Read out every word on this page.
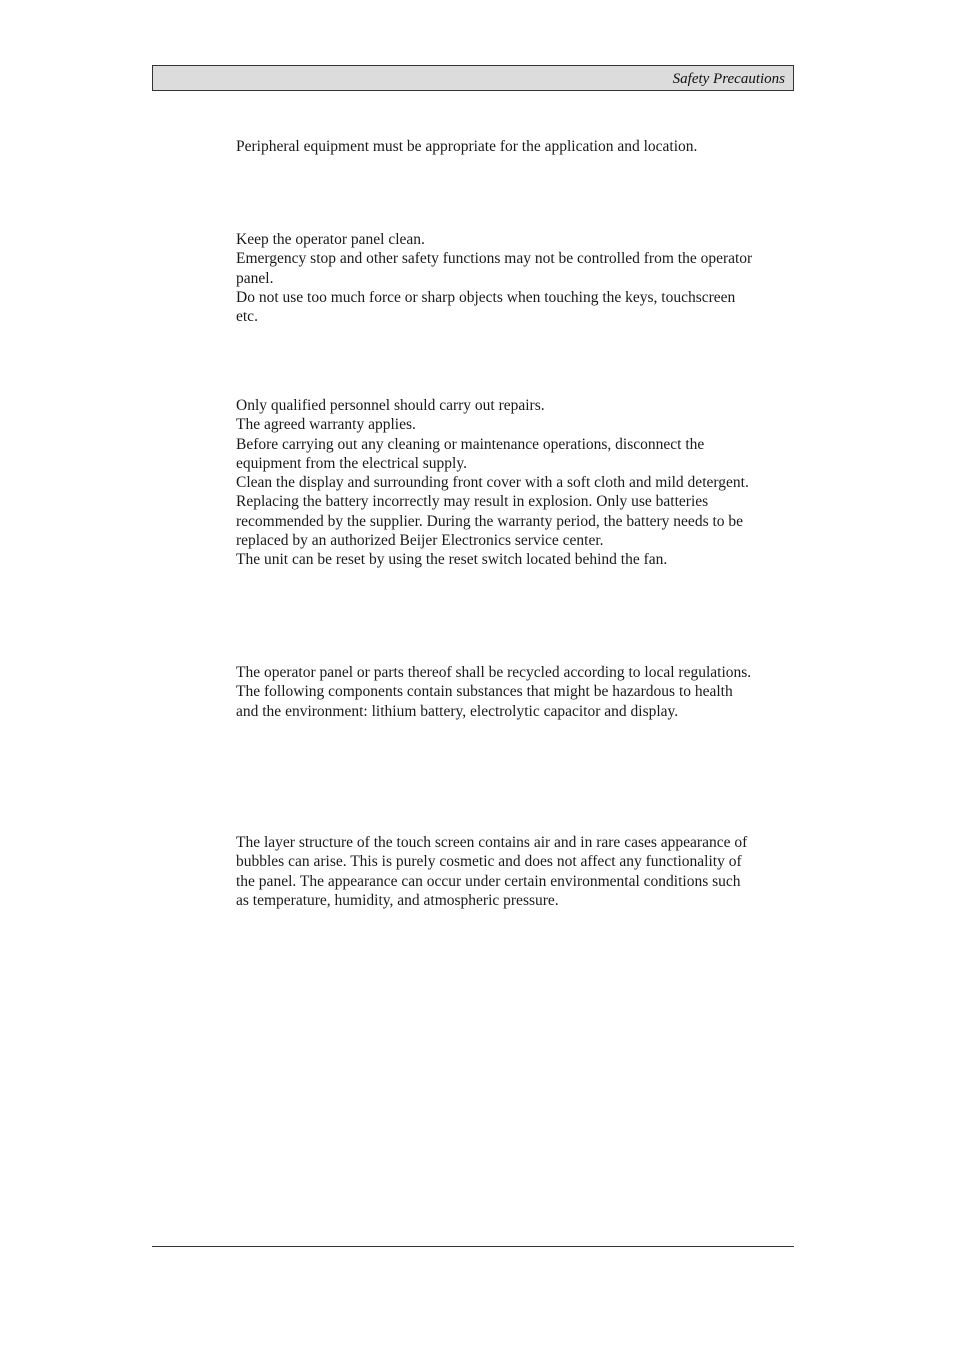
Safety Precautions

Peripheral equipment must be appropriate for the application and location.

Keep the operator panel clean.

Emergency stop and other safety functions may not be controlled from the operator panel.

Do not use too much force or sharp objects when touching the keys, touchscreen etc.

Only qualified personnel should carry out repairs.

The agreed warranty applies.

Before carrying out any cleaning or maintenance operations, disconnect the equipment from the electrical supply.

Clean the display and surrounding front cover with a soft cloth and mild detergent.

Replacing the battery incorrectly may result in explosion. Only use batteries recommended by the supplier. During the warranty period, the battery needs to be replaced by an authorized Beijer Electronics service center.

The unit can be reset by using the reset switch located behind the fan.

The operator panel or parts thereof shall be recycled according to local regulations.

The following components contain substances that might be hazardous to health and the environment: lithium battery, electrolytic capacitor and display.

The layer structure of the touch screen contains air and in rare cases appearance of bubbles can arise. This is purely cosmetic and does not affect any functionality of the panel. The appearance can occur under certain environmental conditions such as temperature, humidity, and atmospheric pressure.
